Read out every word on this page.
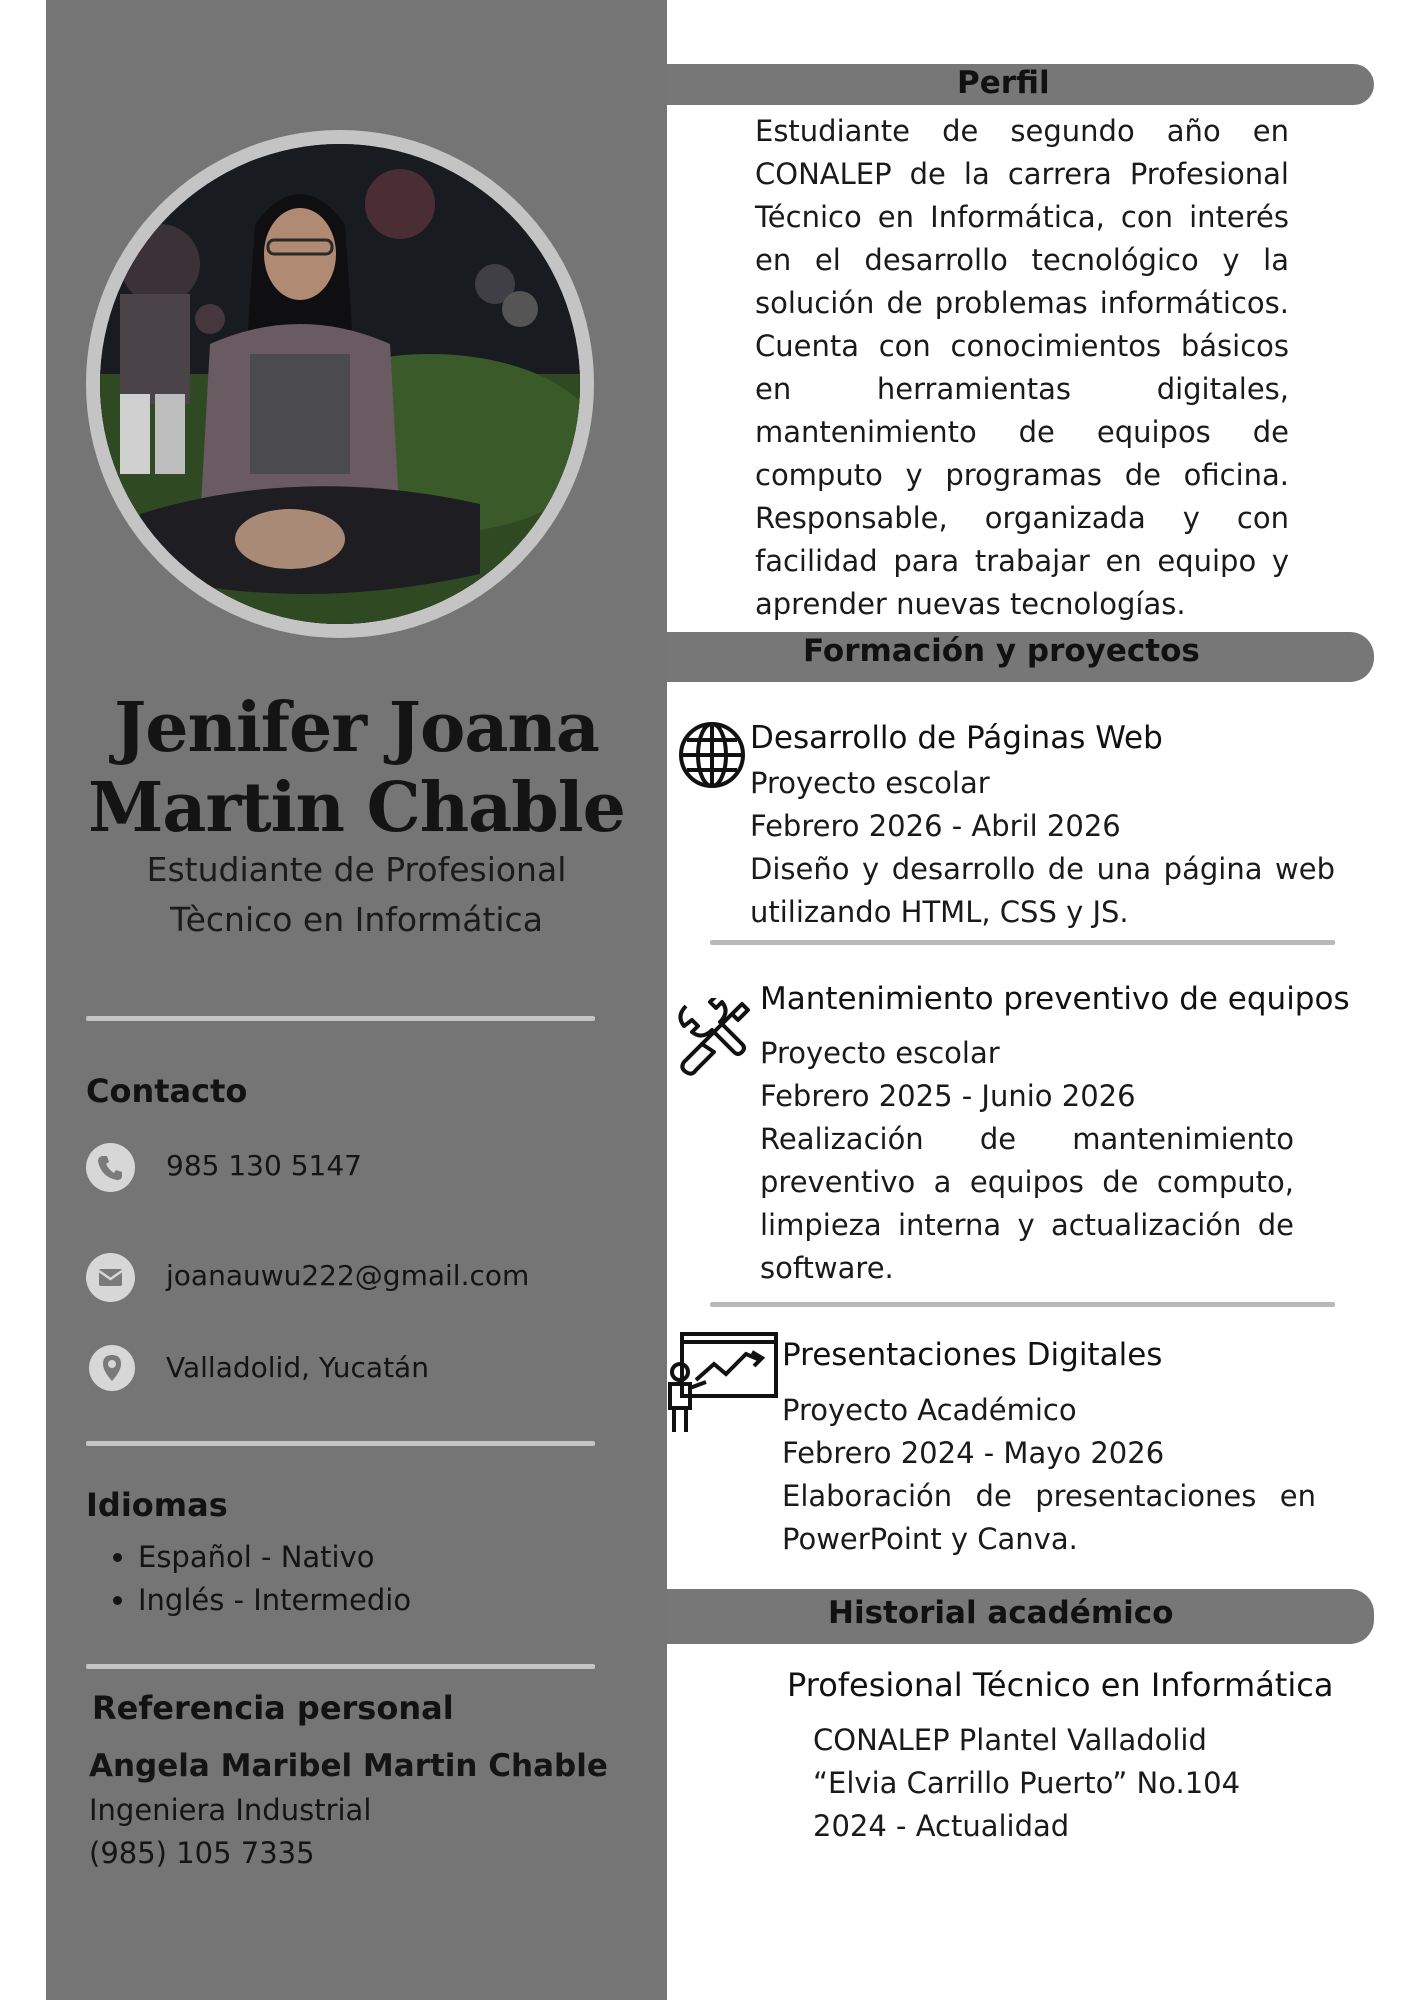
Jenifer Joana
Martin Chable
Estudiante de Profesional
Tècnico en Informática
Contacto
985 130 5147
joanauwu222@gmail.com
Valladolid, Yucatán
Idiomas
• Español - Nativo
• Inglés - Intermedio
Referencia personal
Angela Maribel Martin Chable
Ingeniera Industrial
(985) 105 7335
Perfil

Estudiante de segundo año en CONALEP de la carrera Profesional Técnico en Informática, con interés en el desarrollo tecnológico y la solución de problemas informáticos. Cuenta con conocimientos básicos en herramientas digitales, mantenimiento de equipos de computo y programas de oficina. Responsable, organizada y con facilidad para trabajar en equipo y aprender nuevas tecnologías.

Formación y proyectos
Desarrollo de Páginas Web
Proyecto escolar
Febrero 2026 - Abril 2026

Diseño y desarrollo de una página web utilizando HTML, CSS y JS.

Mantenimiento preventivo de equipos
Proyecto escolar
Febrero 2025 - Junio 2026

Realización de mantenimiento preventivo a equipos de computo, limpieza interna y actualización de software.

Presentaciones Digitales
Proyecto Académico
Febrero 2024 - Mayo 2026

Elaboración de presentaciones en PowerPoint y Canva.

Historial académico
Profesional Técnico en Informática
CONALEP Plantel Valladolid
“Elvia Carrillo Puerto” No.104
2024 - Actualidad
